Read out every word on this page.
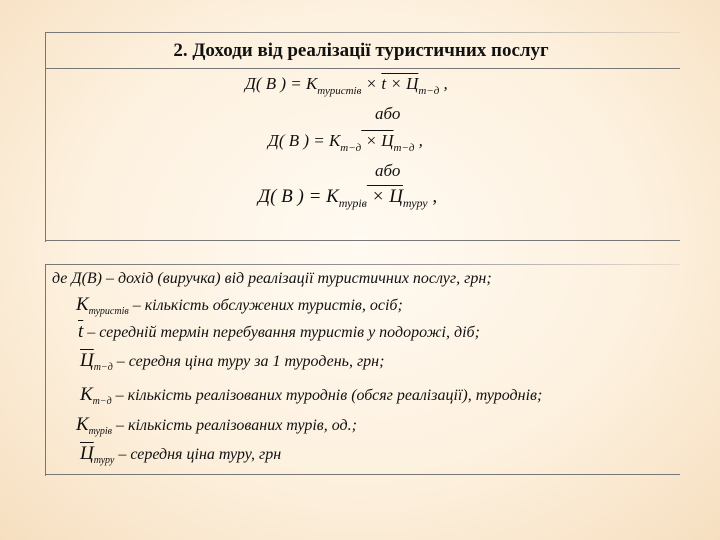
2. Доходи від реалізації туристичних послуг
Д( В ) = $К_{туристів} \times \overline{t} \times Ц_{т-д}$ ,
або
Д( В ) = $К_{т-д} \times Ц_{т-д}$ ,
або
Д( В ) = $К_{турів} \times Ц_{туру}$ ,
де Д(В) – дохід (виручка) від реалізації туристичних послуг, грн;
$К_{туристів}$ – кількість обслужених туристів, осіб;
$\overline{t}$ – середній термін перебування туристів у подорожі, діб;
$Ц_{т-д}$ – середня ціна туру за 1 туродень, грн;
$К_{т-д}$ – кількість реалізованих туроднів (обсяг реалізації), туроднів;
$К_{турів}$ – кількість реалізованих турів, од.;
$Ц_{туру}$ – середня ціна туру, грн
